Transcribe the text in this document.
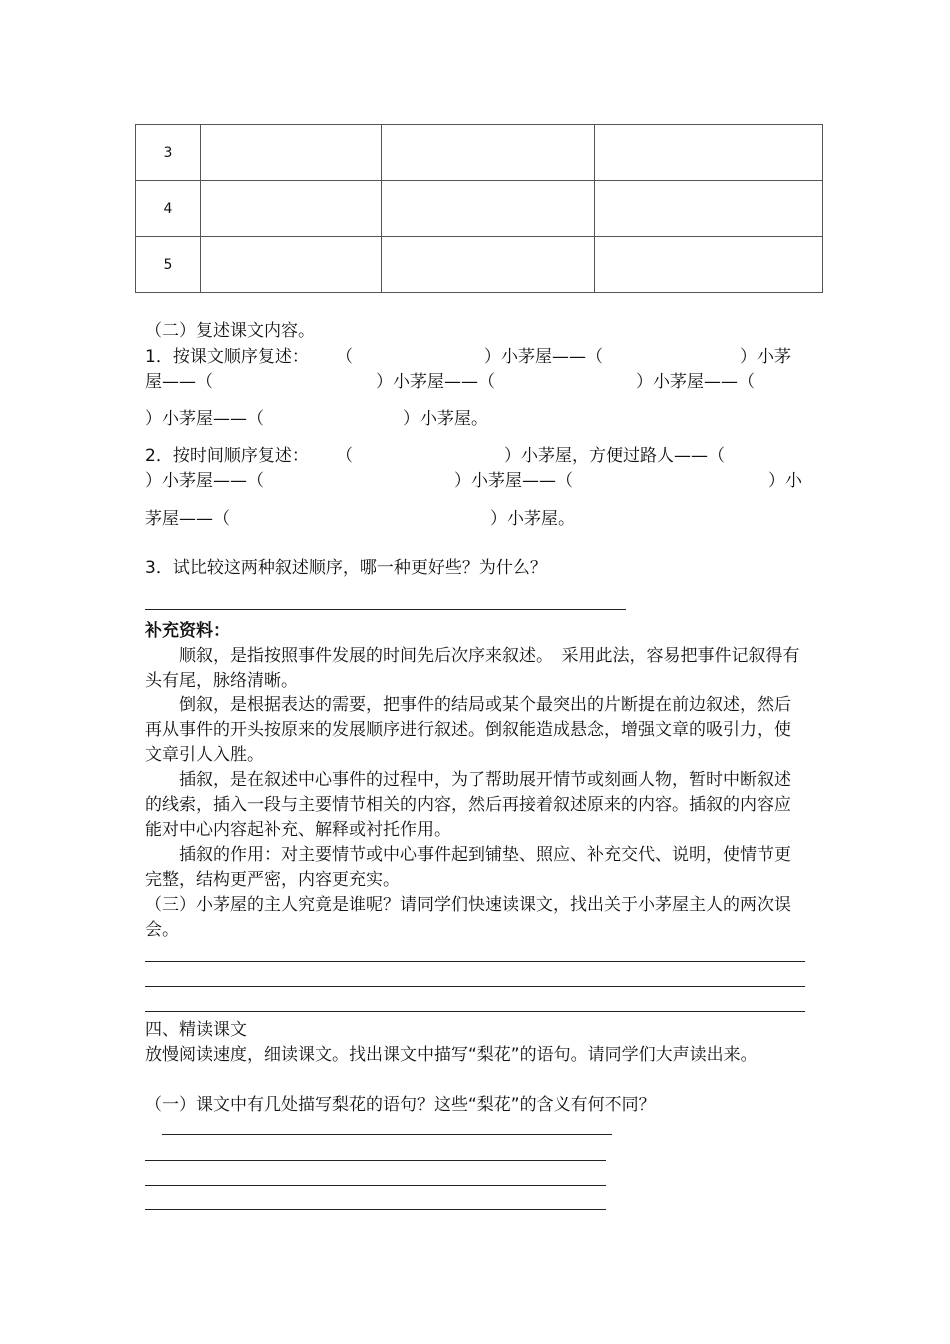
3			
4			
5			
（二）复述课文内容。
1．按课文顺序复述： （	）小茅屋——（	）小茅
屋——（	）小茅屋——（	）小茅屋——（
）小茅屋——（	）小茅屋。
2．按时间顺序复述： （	）小茅屋，方便过路人——（
）小茅屋——（	）小茅屋——（	）小
茅屋——（	）小茅屋。
3．试比较这两种叙述顺序，哪一种更好些？为什么？
补充资料：
顺叙，是指按照事件发展的时间先后次序来叙述。　采用此法，容易把事件记叙得有头有尾，脉络清晰。
倒叙，是根据表达的需要，把事件的结局或某个最突出的片断提在前边叙述，然后再从事件的开头按原来的发展顺序进行叙述。倒叙能造成悬念，增强文章的吸引力，使文章引人入胜。
插叙，是在叙述中心事件的过程中，为了帮助展开情节或刻画人物，暂时中断叙述的线索，插入一段与主要情节相关的内容，然后再接着叙述原来的内容。插叙的内容应能对中心内容起补充、解释或衬托作用。
插叙的作用：对主要情节或中心事件起到铺垫、照应、补充交代、说明，使情节更完整，结构更严密，内容更充实。
（三）小茅屋的主人究竟是谁呢？请同学们快速读课文，找出关于小茅屋主人的两次误会。
四、精读课文
放慢阅读速度，细读课文。找出课文中描写“梨花”的语句。请同学们大声读出来。
（一）课文中有几处描写梨花的语句？这些“梨花”的含义有何不同？
